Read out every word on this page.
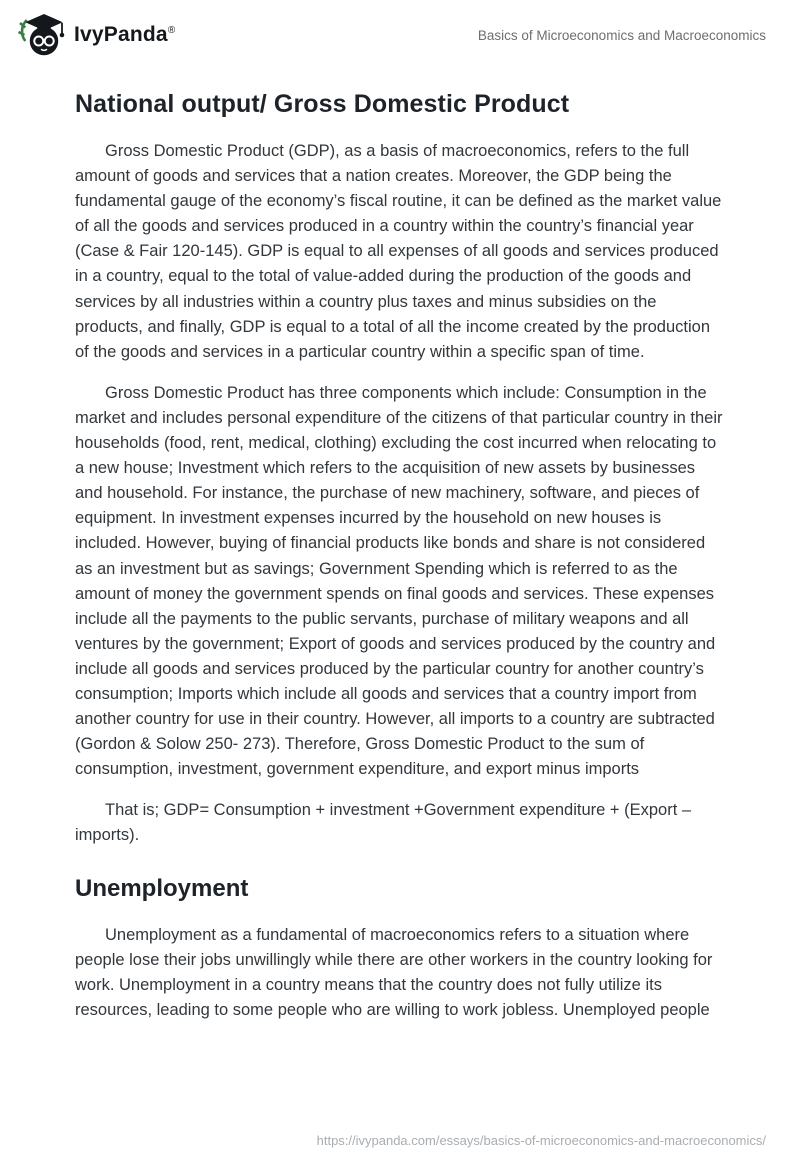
IvyPanda®	Basics of Microeconomics and Macroeconomics
National output/ Gross Domestic Product

Gross Domestic Product (GDP), as a basis of macroeconomics, refers to the full amount of goods and services that a nation creates. Moreover, the GDP being the fundamental gauge of the economy’s fiscal routine, it can be defined as the market value of all the goods and services produced in a country within the country’s financial year (Case & Fair 120-145). GDP is equal to all expenses of all goods and services produced in a country, equal to the total of value-added during the production of the goods and services by all industries within a country plus taxes and minus subsidies on the products, and finally, GDP is equal to a total of all the income created by the production of the goods and services in a particular country within a specific span of time.

Gross Domestic Product has three components which include: Consumption in the market and includes personal expenditure of the citizens of that particular country in their households (food, rent, medical, clothing) excluding the cost incurred when relocating to a new house; Investment which refers to the acquisition of new assets by businesses and household. For instance, the purchase of new machinery, software, and pieces of equipment. In investment expenses incurred by the household on new houses is included. However, buying of financial products like bonds and share is not considered as an investment but as savings; Government Spending which is referred to as the amount of money the government spends on final goods and services. These expenses include all the payments to the public servants, purchase of military weapons and all ventures by the government; Export of goods and services produced by the country and include all goods and services produced by the particular country for another country’s consumption; Imports which include all goods and services that a country import from another country for use in their country. However, all imports to a country are subtracted (Gordon & Solow 250- 273). Therefore, Gross Domestic Product to the sum of consumption, investment, government expenditure, and export minus imports

That is; GDP= Consumption + investment +Government expenditure + (Export – imports).

Unemployment

Unemployment as a fundamental of macroeconomics refers to a situation where people lose their jobs unwillingly while there are other workers in the country looking for work. Unemployment in a country means that the country does not fully utilize its resources, leading to some people who are willing to work jobless. Unemployed people

https://ivypanda.com/essays/basics-of-microeconomics-and-macroeconomics/
